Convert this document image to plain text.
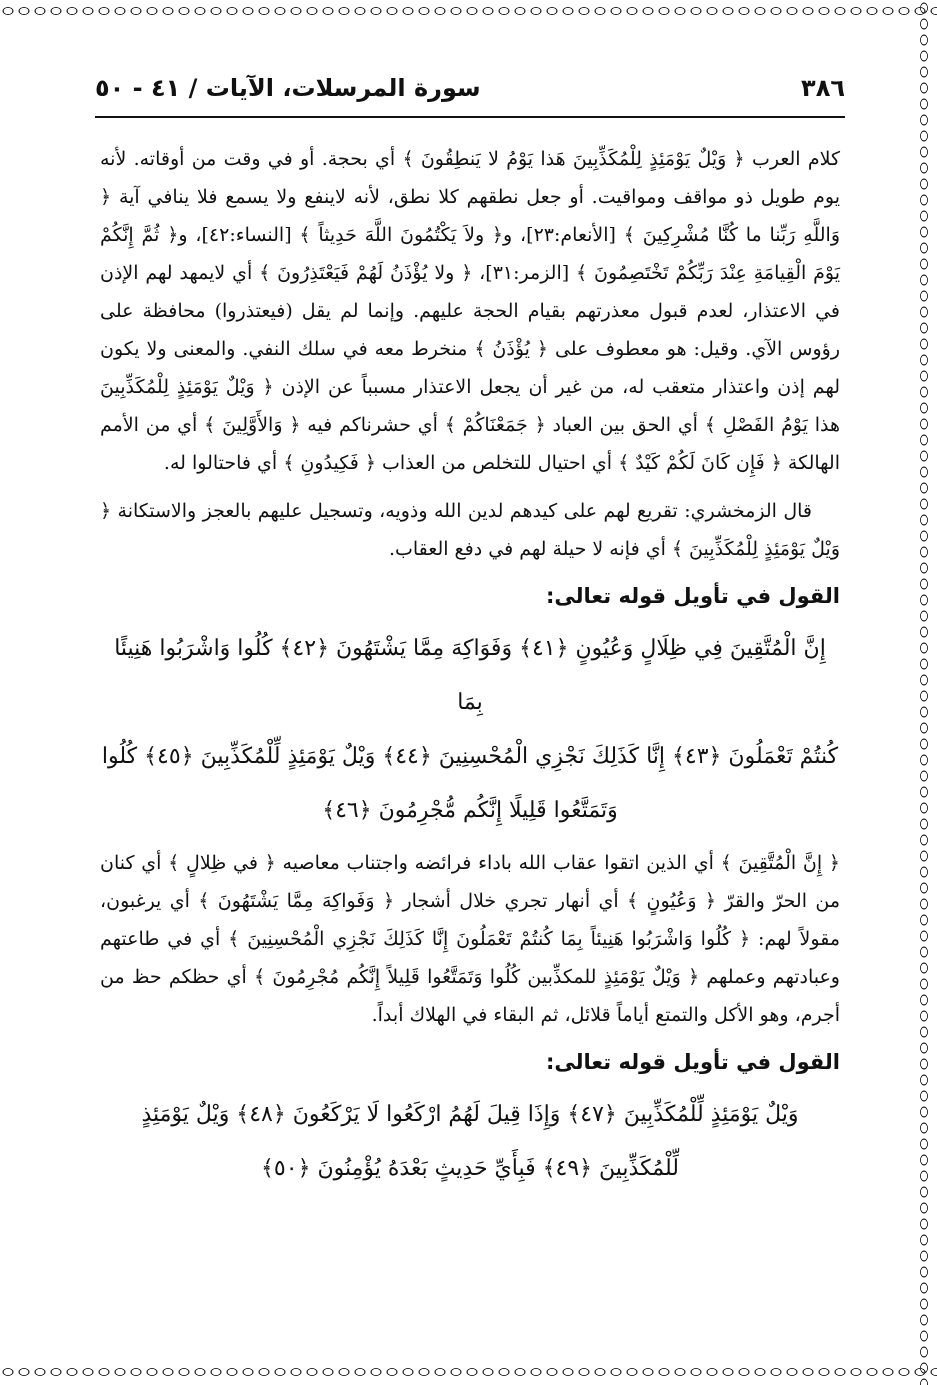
٣٨٦
سورة المرسلات، الآيات / ٤١ - ٥٠

كلام العرب ﴿ وَيْلٌ يَوْمَئِذٍ لِلْمُكَذِّبِينَ هَذا يَوْمُ لا يَنطِقُونَ ﴾ أي بحجة. أو في وقت من أوقاته. لأنه يوم طويل ذو مواقف ومواقيت. أو جعل نطقهم كلا نطق، لأنه لاينفع ولا يسمع فلا ينافي آية ﴿ وَاللَّهِ رَبِّنا ما كُنَّا مُشْرِكِينَ ﴾ [الأنعام:٢٣]، و﴿ ولاَ يَكْتُمُونَ اللَّهَ حَدِيثاً ﴾ [النساء:٤٢]، و﴿ ثُمَّ إِنَّكُمْ يَوْمَ الْقِيامَةِ عِنْدَ رَبِّكُمْ تَخْتَصِمُونَ ﴾ [الزمر:٣١]، ﴿ ولا يُؤْذَنُ لَهُمْ فَيَعْتَذِرُونَ ﴾ أي لايمهد لهم الإذن في الاعتذار، لعدم قبول معذرتهم بقيام الحجة عليهم. وإنما لم يقل (فيعتذروا) محافظة على رؤوس الآي. وقيل: هو معطوف على ﴿ يُؤْذَنُ ﴾ منخرط معه في سلك النفي. والمعنى ولا يكون لهم إذن واعتذار متعقب له، من غير أن يجعل الاعتذار مسبباً عن الإذن ﴿ وَيْلٌ يَوْمَئِذٍ لِلْمُكَذِّبِينَ هذا يَوْمُ الفَصْلِ ﴾ أي الحق بين العباد ﴿ جَمَعْنَاكُمْ ﴾ أي حشرناكم فيه ﴿ وَالأَوَّلِينَ ﴾ أي من الأمم الهالكة ﴿ فَإِن كَانَ لَكُمْ كَيْدٌ ﴾ أي احتيال للتخلص من العذاب ﴿ فَكِيدُونِ ﴾ أي فاحتالوا له.

قال الزمخشري: تقريع لهم على كيدهم لدين الله وذويه، وتسجيل عليهم بالعجز والاستكانة ﴿ وَيْلٌ يَوْمَئِذٍ لِلْمُكَذِّبِينَ ﴾ أي فإنه لا حيلة لهم في دفع العقاب.

القول في تأويل قوله تعالى:
إِنَّ الْمُتَّقِينَ فِي ظِلَالٍ وَعُيُونٍ ﴿٤١﴾ وَفَوَاكِهَ مِمَّا يَشْتَهُونَ ﴿٤٢﴾ كُلُوا وَاشْرَبُوا هَنِيئًا بِمَا
كُنتُمْ تَعْمَلُونَ ﴿٤٣﴾ إِنَّا كَذَلِكَ نَجْزِي الْمُحْسِنِينَ ﴿٤٤﴾ وَيْلٌ يَوْمَئِذٍ لِّلْمُكَذِّبِينَ ﴿٤٥﴾ كُلُوا
وَتَمَتَّعُوا قَلِيلًا إِنَّكُم مُّجْرِمُونَ ﴿٤٦﴾

﴿ إِنَّ الْمُتَّقِينَ ﴾ أي الذين اتقوا عقاب الله باداء فرائضه واجتناب معاصيه ﴿ في ظِلالٍ ﴾ أي كنان من الحرّ والقرّ ﴿ وَعُيُونٍ ﴾ أي أنهار تجري خلال أشجار ﴿ وَفَواكِهَ مِمَّا يَشْتَهُونَ ﴾ أي يرغبون، مقولاً لهم: ﴿ كُلُوا وَاشْرَبُوا هَنِيئاً بِمَا كُنتُمْ تَعْمَلُونَ إِنَّا كَذَلِكَ نَجْزِي الْمُحْسِنِينَ ﴾ أي في طاعتهم وعبادتهم وعملهم ﴿ وَيْلٌ يَوْمَئِذٍ للمكذِّبين كُلُوا وَتَمَتَّعُوا قَلِيلاً إِنَّكُم مُجْرِمُونَ ﴾ أي حظكم حظ من أجرم، وهو الأكل والتمتع أياماً قلائل، ثم البقاء في الهلاك أبداً.

القول في تأويل قوله تعالى:
وَيْلٌ يَوْمَئِذٍ لِّلْمُكَذِّبِينَ ﴿٤٧﴾ وَإِذَا قِيلَ لَهُمُ ارْكَعُوا لَا يَرْكَعُونَ ﴿٤٨﴾ وَيْلٌ يَوْمَئِذٍ
لِّلْمُكَذِّبِينَ ﴿٤٩﴾ فَبِأَيِّ حَدِيثٍ بَعْدَهُ يُؤْمِنُونَ ﴿٥٠﴾
